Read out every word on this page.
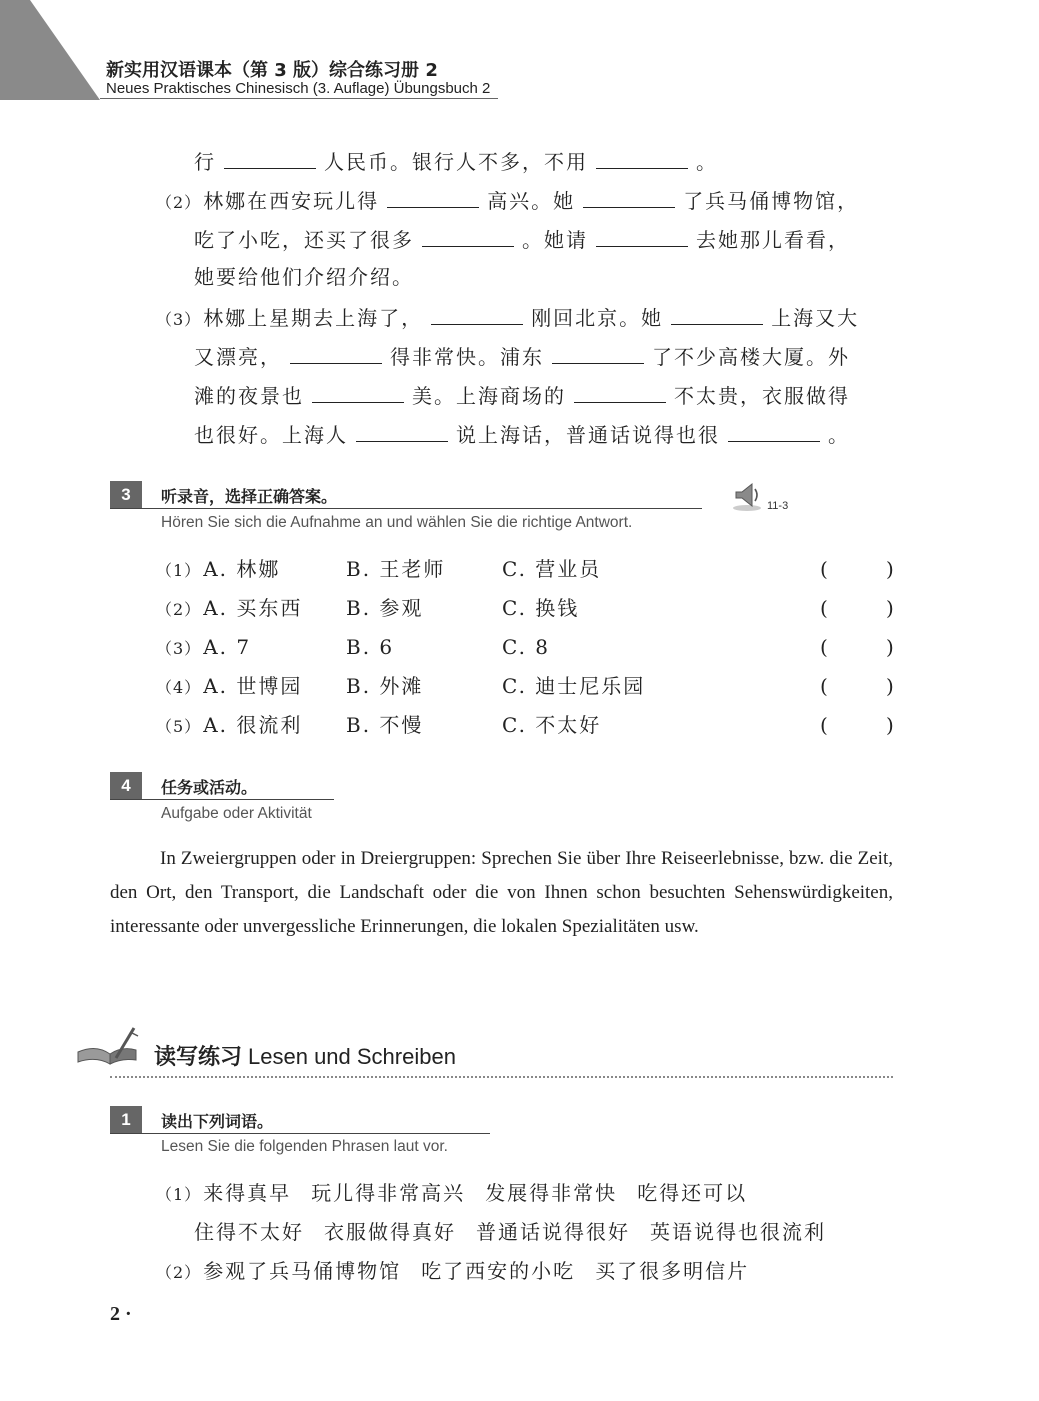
新实用汉语课本（第 3 版）综合练习册 2
Neues Praktisches Chinesisch (3. Auflage) Übungsbuch 2
行	人民币。银行人不多，不用	。
（2） 林娜在西安玩儿得	高兴。她	了兵马俑博物馆，
吃了小吃，还买了很多	。她请	去她那儿看看，
她要给他们介绍介绍。
（3） 林娜上星期去上海了，	刚回北京。她	上海又大
又漂亮，	得非常快。浦东	了不少高楼大厦。外
滩的夜景也	美。上海商场的	不太贵，衣服做得
也很好。上海人	说上海话，普通话说得也很	。
3	听录音，选择正确答案。
Hören Sie sich die Aufnahme an und wählen Sie die richtige Antwort.
11-3
（1） A. 林娜	B. 王老师	C. 营业员	(	)
（2） A. 买东西 B. 参观	C. 换钱	(	)
（3） A. 7	B. 6	C. 8	(	)
（4） A. 世博园 B. 外滩	C. 迪士尼乐园	(	)
（5） A. 很流利 B. 不慢	C. 不太好	(	)
4	任务或活动。
Aufgabe oder Aktivität
In Zweiergruppen oder in Dreiergruppen: Sprechen Sie über Ihre Reiseerlebnisse, bzw. die Zeit, den Ort, den Transport, die Landschaft oder die von Ihnen schon besuchten Sehenswürdigkeiten, interessante oder unvergessliche Erinnerungen, die lokalen Spezialitäten usw.
读写练习 Lesen und Schreiben
1	读出下列词语。
Lesen Sie die folgenden Phrasen laut vor.
（1） 来得真早 玩儿得非常高兴 发展得非常快 吃得还可以
住得不太好 衣服做得真好 普通话说得很好 英语说得也很流利
（2） 参观了兵马俑博物馆 吃了西安的小吃 买了很多明信片
2 ·
